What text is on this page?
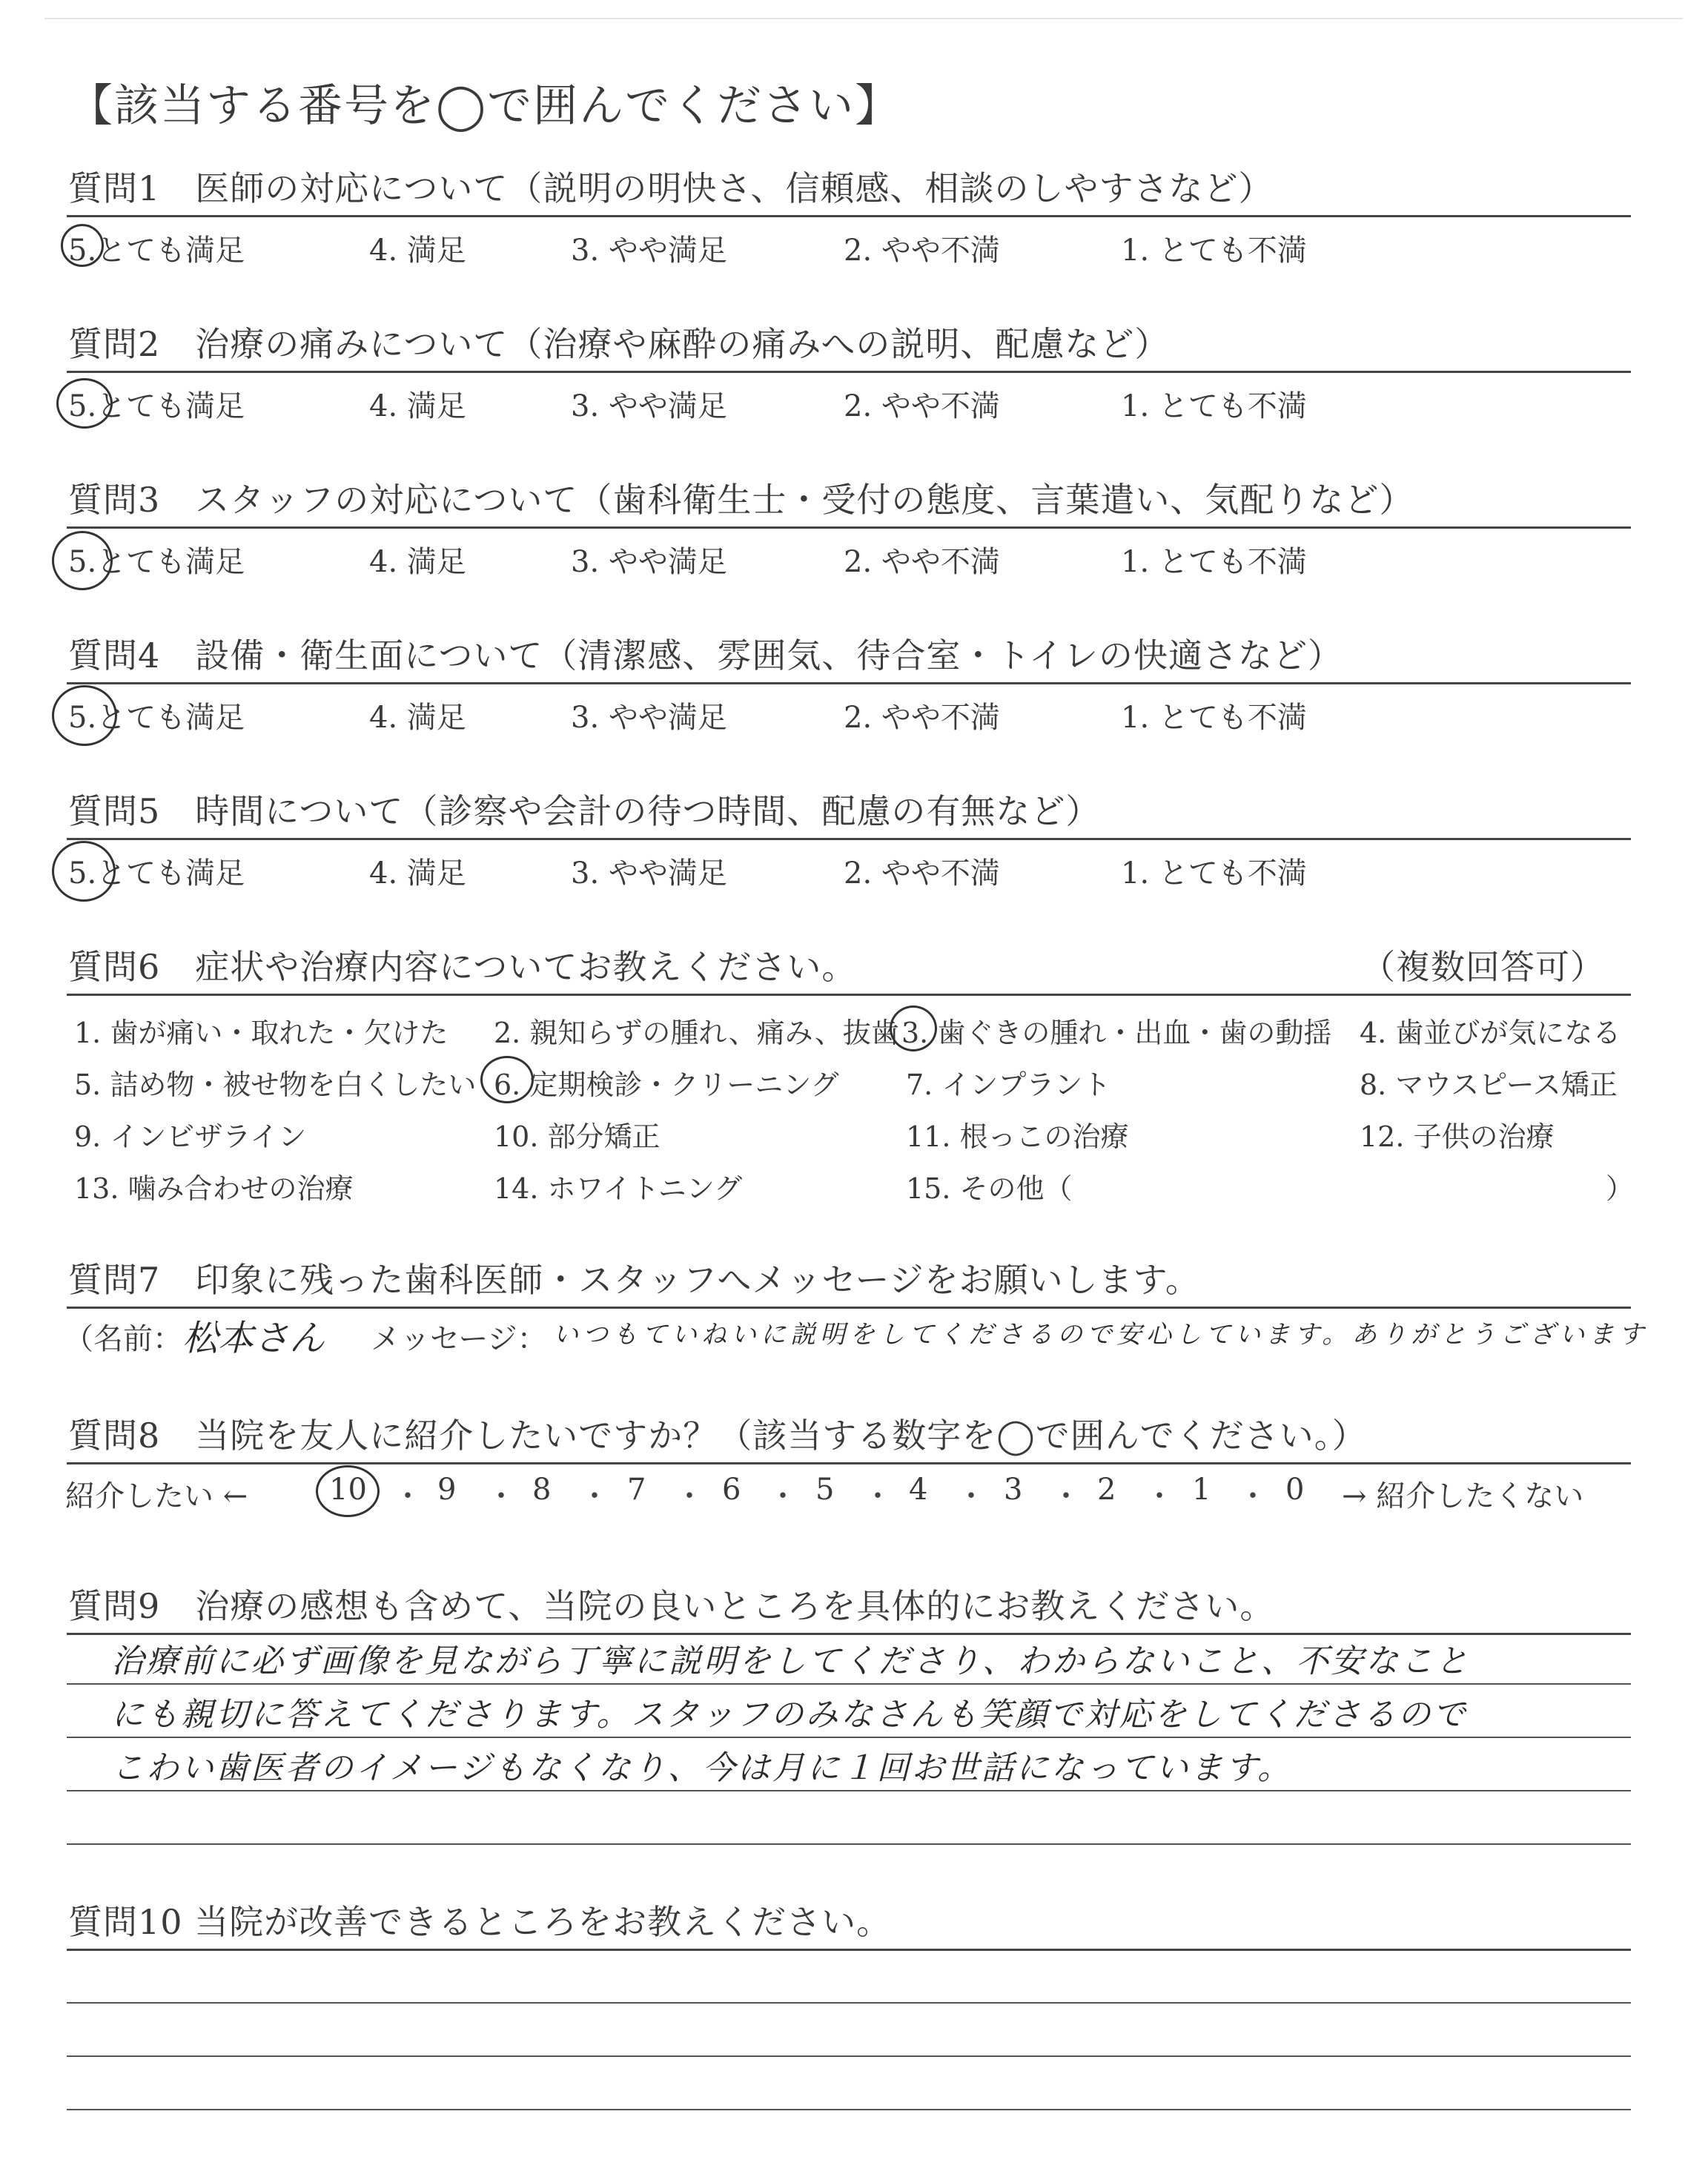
【該当する番号を◯で囲んでください】
質問1　医師の対応について（説明の明快さ、信頼感、相談のしやすさなど）
5.とても満足	4. 満足	3. やや満足	2. やや不満	1. とても不満
質問2　治療の痛みについて（治療や麻酔の痛みへの説明、配慮など）
5.とても満足	4. 満足	3. やや満足	2. やや不満	1. とても不満
質問3　スタッフの対応について（歯科衛生士・受付の態度、言葉遣い、気配りなど）
5.とても満足	4. 満足	3. やや満足	2. やや不満	1. とても不満
質問4　設備・衛生面について（清潔感、雰囲気、待合室・トイレの快適さなど）
5.とても満足	4. 満足	3. やや満足	2. やや不満	1. とても不満
質問5　時間について（診察や会計の待つ時間、配慮の有無など）
5.とても満足	4. 満足	3. やや満足	2. やや不満	1. とても不満
質問6　症状や治療内容についてお教えください。	（複数回答可）
1. 歯が痛い・取れた・欠けた 2. 親知らずの腫れ、痛み、抜歯 3. 歯ぐきの腫れ・出血・歯の動揺 4. 歯並びが気になる
5. 詰め物・被せ物を白くしたい 6. 定期検診・クリーニング 7. インプラント	8. マウスピース矯正
9. インビザライン	10. 部分矯正	11. 根っこの治療	12. 子供の治療
13. 噛み合わせの治療	14. ホワイトニング	15. その他（	）
質問7　印象に残った歯科医師・スタッフへメッセージをお願いします。
（名前： 松本さん メッセージ： いつもていねいに説明をしてくださるので安心しています。ありがとうございます
質問8　当院を友人に紹介したいですか？（該当する数字を◯で囲んでください。）
紹介したい ←	→ 紹介したくない
10 9	8	7	6	5	4	3	2	1	0
・ ・ ・ ・ ・ ・ ・ ・ ・ ・
質問9　治療の感想も含めて、当院の良いところを具体的にお教えください。
治療前に必ず画像を見ながら丁寧に説明をしてくださり、わからないこと、不安なこと
にも親切に答えてくださります。スタッフのみなさんも笑顔で対応をしてくださるので
こわい歯医者のイメージもなくなり、今は月に１回お世話になっています。
質問10 当院が改善できるところをお教えください。
